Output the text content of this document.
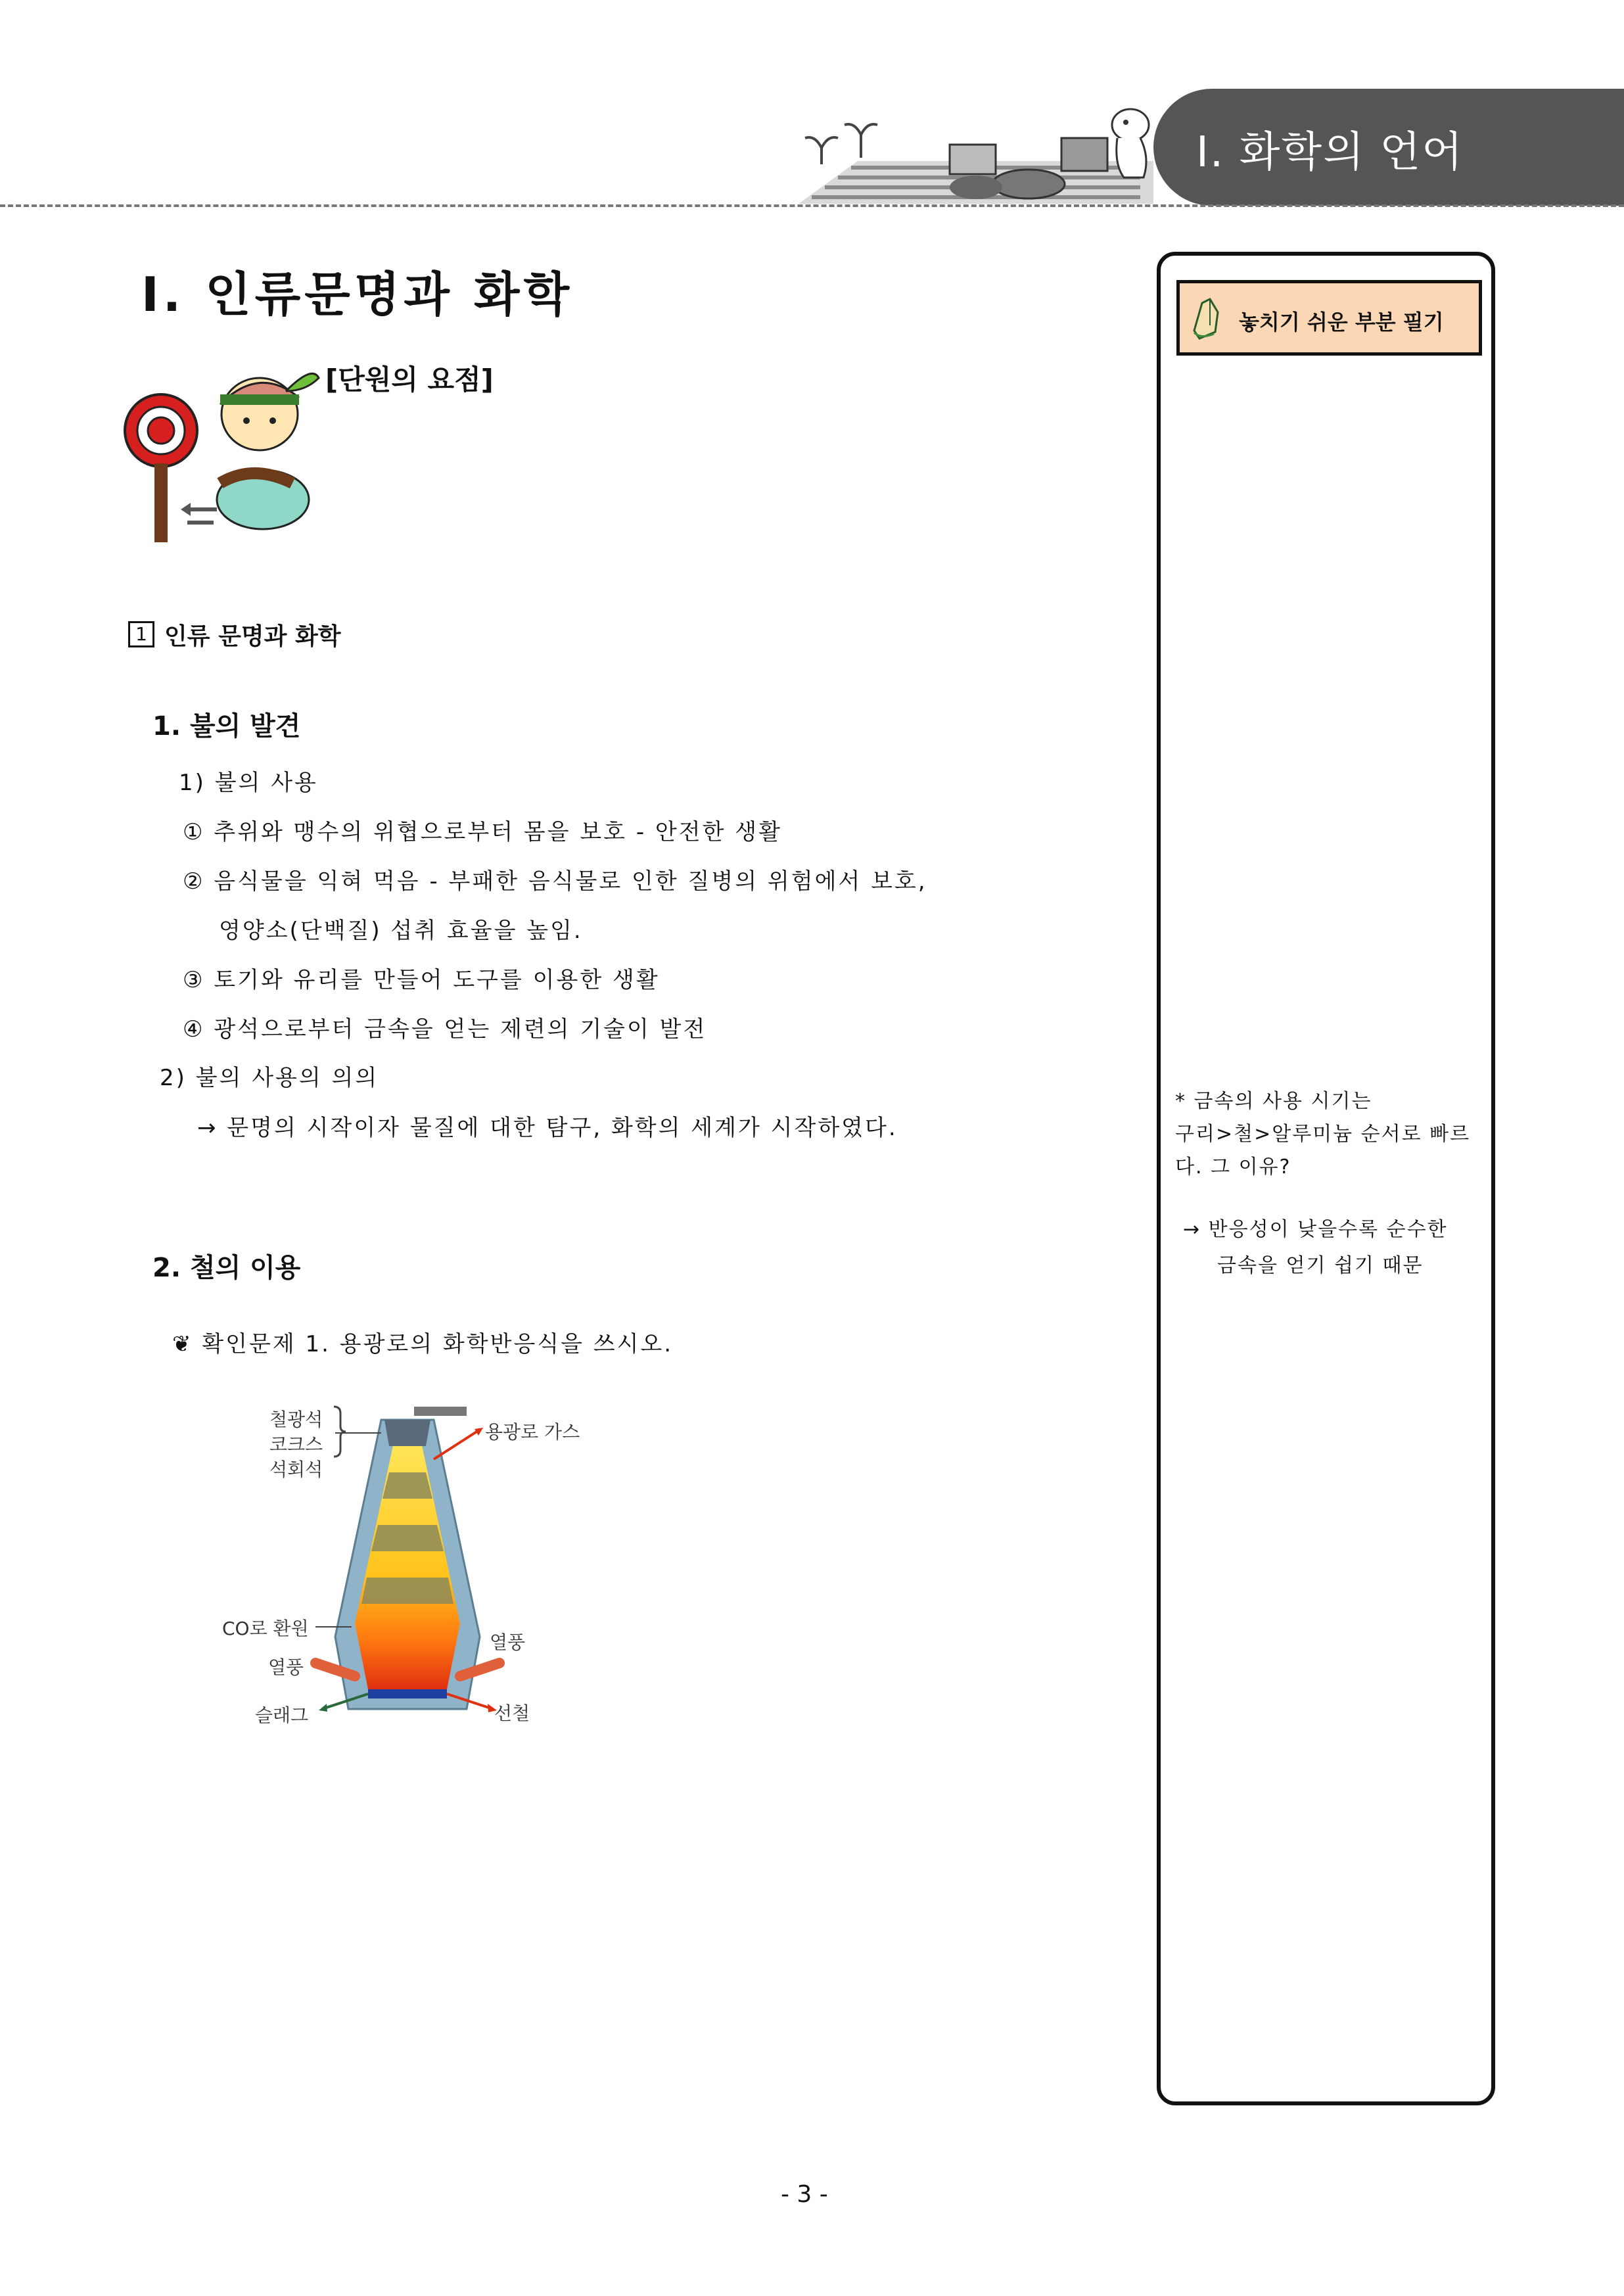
Ⅰ. 화학의 언어
Ⅰ. 인류문명과 화학
[단원의 요점]
1 인류 문명과 화학
1. 불의 발견
1) 불의 사용
① 추위와 맹수의 위협으로부터 몸을 보호 - 안전한 생활
② 음식물을 익혀 먹음 - 부패한 음식물로 인한 질병의 위험에서 보호,
영양소(단백질) 섭취 효율을 높임.
③ 토기와 유리를 만들어 도구를 이용한 생활
④ 광석으로부터 금속을 얻는 제련의 기술이 발전
2) 불의 사용의 의의
→ 문명의 시작이자 물질에 대한 탐구, 화학의 세계가 시작하였다.
2. 철의 이용
❦ 확인문제 1. 용광로의 화학반응식을 쓰시오.
철광석
코크스
석회석
용광로 가스
CO로 환원
열풍
열풍
슬래그	선철
놓치기 쉬운 부분 필기
* 금속의 사용 시기는
구리>철>알루미늄 순서로 빠르
다. 그 이유?
→ 반응성이 낮을수록 순수한
금속을 얻기 쉽기 때문
- 3 -
